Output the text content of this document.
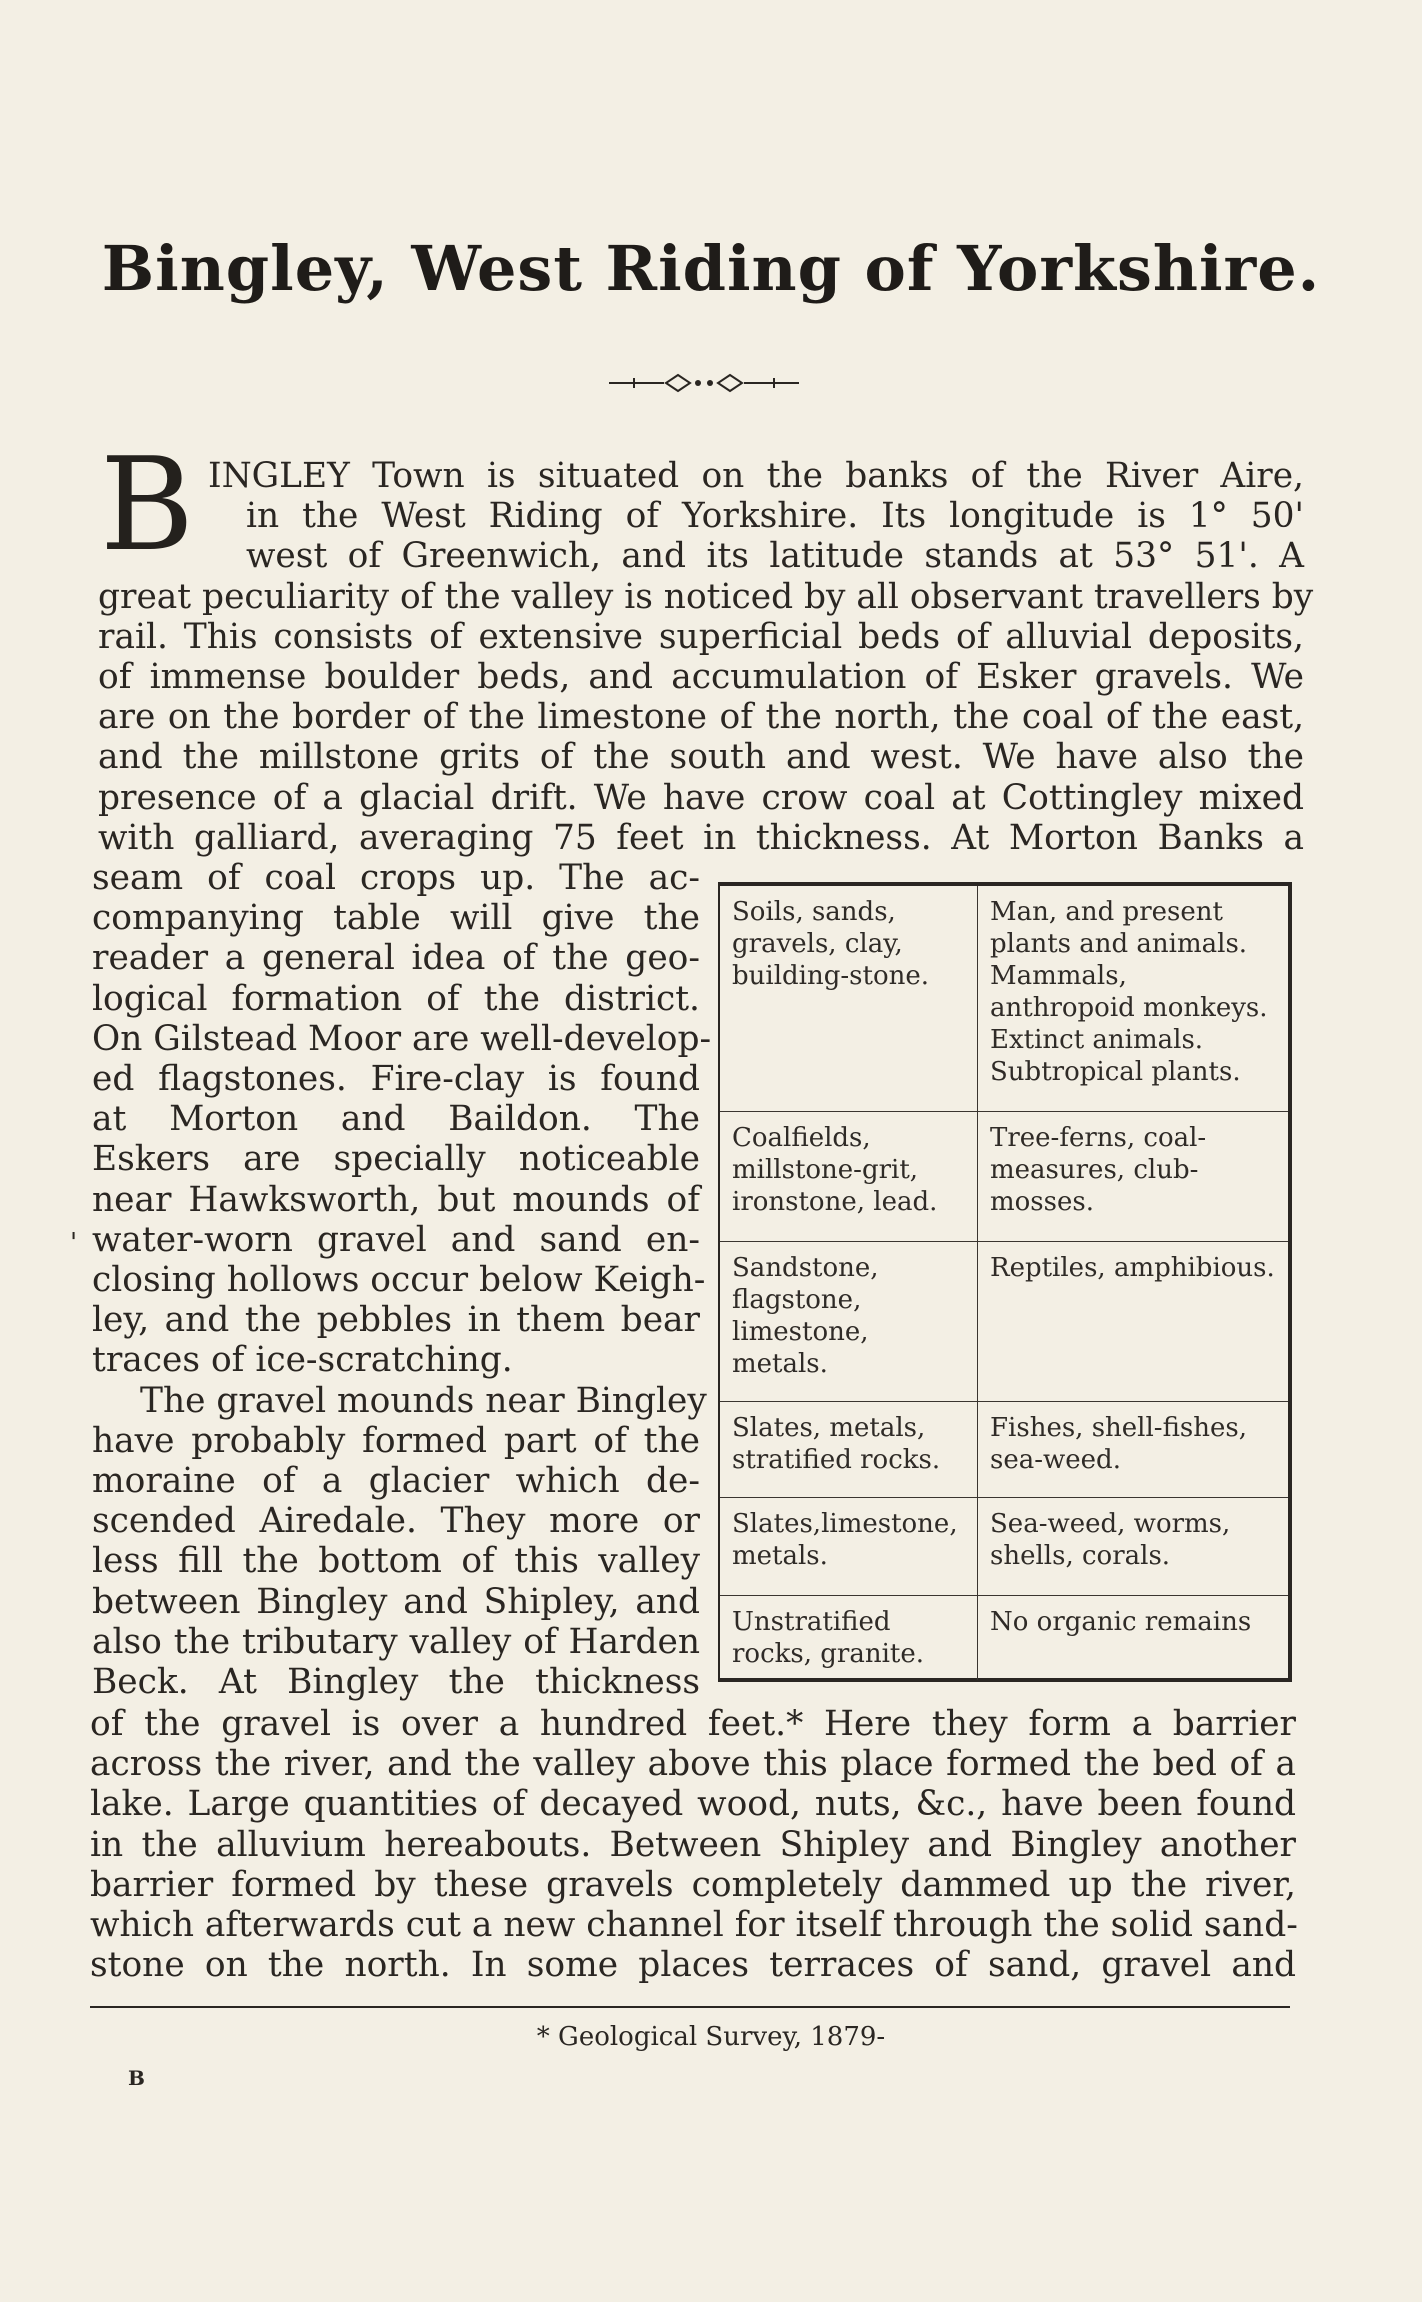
Bingley, West Riding of Yorkshire.
B INGLEY Town is situated on the banks of the River Aire,
in the West Riding of Yorkshire. Its longitude is 1° 50'
west of Greenwich, and its latitude stands at 53° 51'. A
great peculiarity of the valley is noticed by all observant travellers by
rail. This consists of extensive superficial beds of alluvial deposits,
of immense boulder beds, and accumulation of Esker gravels. We
are on the border of the limestone of the north, the coal of the east,
and the millstone grits of the south and west. We have also the
presence of a glacial drift. We have crow coal at Cottingley mixed
with galliard, averaging 75 feet in thickness. At Morton Banks a
seam of coal crops up. The ac-
companying table will give the
reader a general idea of the geo-
logical formation of the district.
On Gilstead Moor are well-develop-
ed flagstones. Fire-clay is found
at Morton and Baildon. The
Eskers are specially noticeable
near Hawksworth, but mounds of
water-worn gravel and sand en-
closing hollows occur below Keigh-
ley, and the pebbles in them bear
traces of ice-scratching.
The gravel mounds near Bingley
have probably formed part of the
moraine of a glacier which de-
scended Airedale. They more or
less fill the bottom of this valley
between Bingley and Shipley, and
also the tributary valley of Harden
Beck. At Bingley the thickness
'
Soils, sands, gravels, clay, building-stone.
Man, and present plants and animals. Mammals, anthropoid monkeys. Extinct animals. Subtropical plants.
Coalfields, millstone-grit, ironstone, lead.
Tree-ferns, coal-measures, club-mosses.
Sandstone, flagstone, limestone, metals.
Reptiles, amphibious.
Slates, metals, stratified rocks.
Fishes, shell-fishes, sea-weed.
Slates,limestone, metals.
Sea-weed, worms, shells, corals.
Unstratified rocks, granite.
No organic remains
of the gravel is over a hundred feet.* Here they form a barrier
across the river, and the valley above this place formed the bed of a
lake. Large quantities of decayed wood, nuts, &c., have been found
in the alluvium hereabouts. Between Shipley and Bingley another
barrier formed by these gravels completely dammed up the river,
which afterwards cut a new channel for itself through the solid sand-
stone on the north. In some places terraces of sand, gravel and
* Geological Survey, 1879-
B
